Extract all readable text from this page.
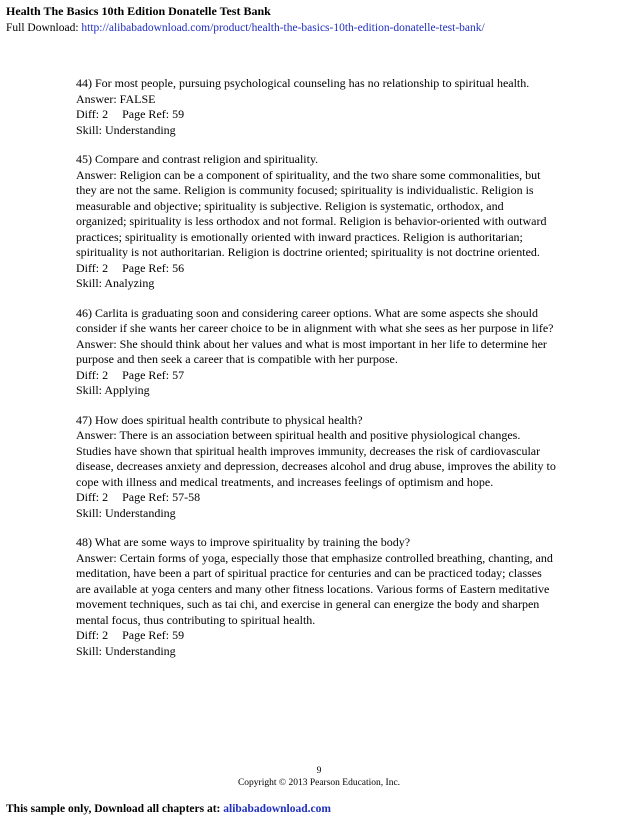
Health The Basics 10th Edition Donatelle Test Bank
Full Download: http://alibabadownload.com/product/health-the-basics-10th-edition-donatelle-test-bank/

44) For most people, pursuing psychological counseling has no relationship to spiritual health.

Answer: FALSE

Diff: 2 Page Ref: 59

Skill: Understanding

45) Compare and contrast religion and spirituality.

Answer: Religion can be a component of spirituality, and the two share some commonalities, but they are not the same. Religion is community focused; spirituality is individualistic. Religion is measurable and objective; spirituality is subjective. Religion is systematic, orthodox, and organized; spirituality is less orthodox and not formal. Religion is behavior-oriented with outward practices; spirituality is emotionally oriented with inward practices. Religion is authoritarian; spirituality is not authoritarian. Religion is doctrine oriented; spirituality is not doctrine oriented.

Diff: 2 Page Ref: 56

Skill: Analyzing

46) Carlita is graduating soon and considering career options. What are some aspects she should consider if she wants her career choice to be in alignment with what she sees as her purpose in life?

Answer: She should think about her values and what is most important in her life to determine her purpose and then seek a career that is compatible with her purpose.

Diff: 2 Page Ref: 57

Skill: Applying

47) How does spiritual health contribute to physical health?

Answer: There is an association between spiritual health and positive physiological changes. Studies have shown that spiritual health improves immunity, decreases the risk of cardiovascular disease, decreases anxiety and depression, decreases alcohol and drug abuse, improves the ability to cope with illness and medical treatments, and increases feelings of optimism and hope.

Diff: 2 Page Ref: 57-58

Skill: Understanding

48) What are some ways to improve spirituality by training the body?

Answer: Certain forms of yoga, especially those that emphasize controlled breathing, chanting, and meditation, have been a part of spiritual practice for centuries and can be practiced today; classes are available at yoga centers and many other fitness locations. Various forms of Eastern meditative movement techniques, such as tai chi, and exercise in general can energize the body and sharpen mental focus, thus contributing to spiritual health.

Diff: 2 Page Ref: 59

Skill: Understanding

9
Copyright © 2013 Pearson Education, Inc.
This sample only, Download all chapters at: alibabadownload.com
